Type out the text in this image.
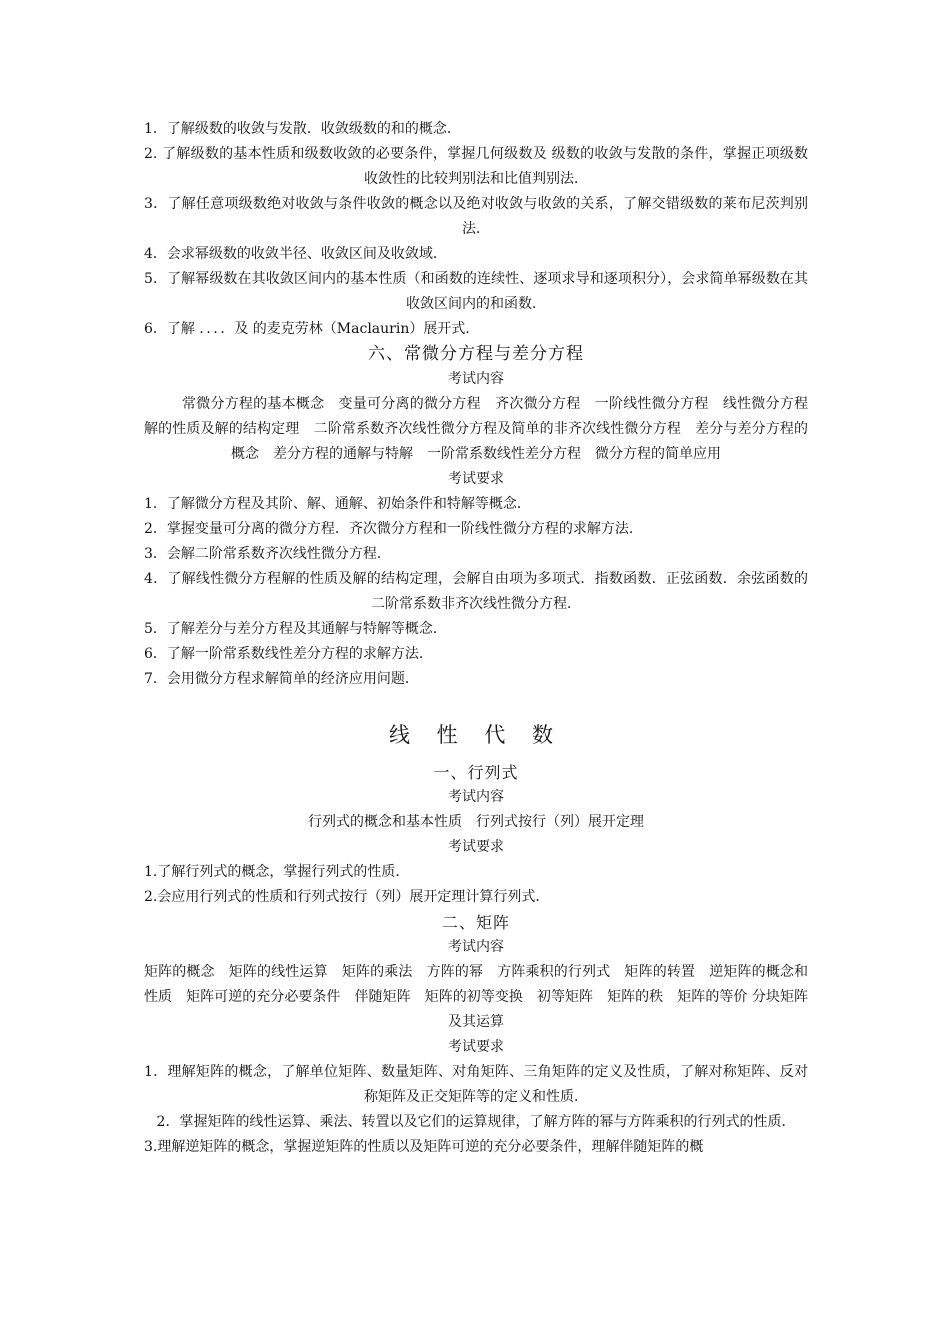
1．了解级数的收敛与发散．收敛级数的和的概念．
2. 了解级数的基本性质和级数收敛的必要条件，掌握几何级数及 级数的收敛与发散的条件，掌握正项级数收敛性的比较判别法和比值判别法．
3．了解任意项级数绝对收敛与条件收敛的概念以及绝对收敛与收敛的关系，了解交错级数的莱布尼茨判别法．
4．会求幂级数的收敛半径、收敛区间及收敛域．
5．了解幂级数在其收敛区间内的基本性质（和函数的连续性、逐项求导和逐项积分），会求简单幂级数在其收敛区间内的和函数．
6．了解 ．．．．及 的麦克劳林（Maclaurin）展开式．
六、常微分方程与差分方程
考试内容
常微分方程的基本概念　变量可分离的微分方程　齐次微分方程　一阶线性微分方程　线性微分方程解的性质及解的结构定理　二阶常系数齐次线性微分方程及简单的非齐次线性微分方程　差分与差分方程的概念　差分方程的通解与特解　一阶常系数线性差分方程　微分方程的简单应用
考试要求
1．了解微分方程及其阶、解、通解、初始条件和特解等概念．
2．掌握变量可分离的微分方程．齐次微分方程和一阶线性微分方程的求解方法．
3．会解二阶常系数齐次线性微分方程．
4．了解线性微分方程解的性质及解的结构定理，会解自由项为多项式．指数函数．正弦函数．余弦函数的二阶常系数非齐次线性微分方程．
5．了解差分与差分方程及其通解与特解等概念．
6．了解一阶常系数线性差分方程的求解方法．
7．会用微分方程求解简单的经济应用问题．
线 性 代 数
一、行列式
考试内容
行列式的概念和基本性质　行列式按行（列）展开定理
考试要求
1.了解行列式的概念，掌握行列式的性质．
2.会应用行列式的性质和行列式按行（列）展开定理计算行列式．
二、矩阵
考试内容
矩阵的概念　矩阵的线性运算　矩阵的乘法　方阵的幂　方阵乘积的行列式　矩阵的转置　逆矩阵的概念和性质　矩阵可逆的充分必要条件　伴随矩阵　矩阵的初等变换　初等矩阵　矩阵的秩　矩阵的等价 分块矩阵及其运算
考试要求
1．理解矩阵的概念，了解单位矩阵、数量矩阵、对角矩阵、三角矩阵的定义及性质，了解对称矩阵、反对称矩阵及正交矩阵等的定义和性质．
2．掌握矩阵的线性运算、乘法、转置以及它们的运算规律，了解方阵的幂与方阵乘积的行列式的性质．
3.理解逆矩阵的概念，掌握逆矩阵的性质以及矩阵可逆的充分必要条件，理解伴随矩阵的概
